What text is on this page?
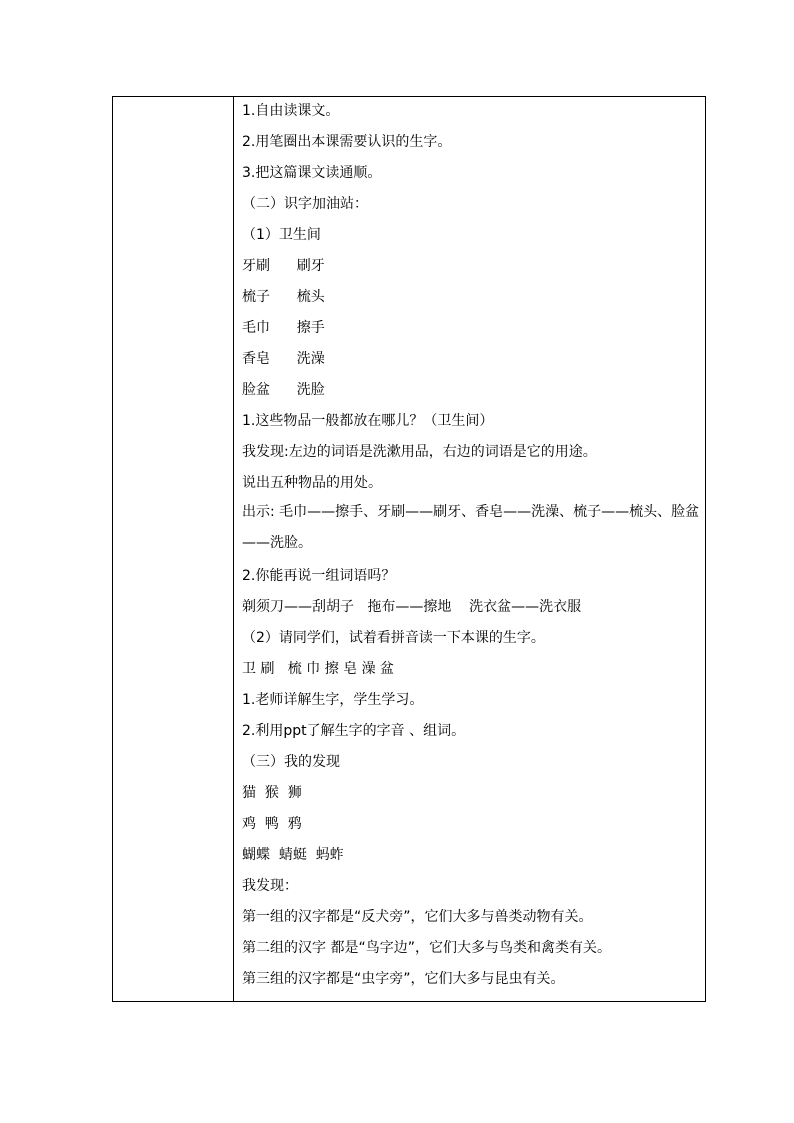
1.自由读课文。
2.用笔圈出本课需要认识的生字。
3.把这篇课文读通顺。
（二）识字加油站：
（1）卫生间
牙刷      刷牙
梳子      梳头
毛巾      擦手
香皂      洗澡
脸盆      洗脸
1.这些物品一般都放在哪儿？（卫生间）
我发现:左边的词语是洗漱用品，右边的词语是它的用途。
说出五种物品的用处。
出示: 毛巾——擦手、牙刷——刷牙、香皂——洗澡、梳子——梳头、脸盆——洗脸。
2.你能再说一组词语吗？
剃须刀——刮胡子   拖布——擦地    洗衣盆——洗衣服
（2）请同学们，试着看拼音读一下本课的生字。
卫 刷   梳 巾 擦 皂 澡 盆
1.老师详解生字，学生学习。
2.利用ppt了解生字的字音 、组词。
（三）我的发现
猫  猴  狮
鸡  鸭  鸦
蝴蝶  蜻蜓  蚂蚱
我发现：
第一组的汉字都是“反犬旁”，它们大多与兽类动物有关。
第二组的汉字 都是“鸟字边”，它们大多与鸟类和禽类有关。
第三组的汉字都是“虫字旁”，它们大多与昆虫有关。
